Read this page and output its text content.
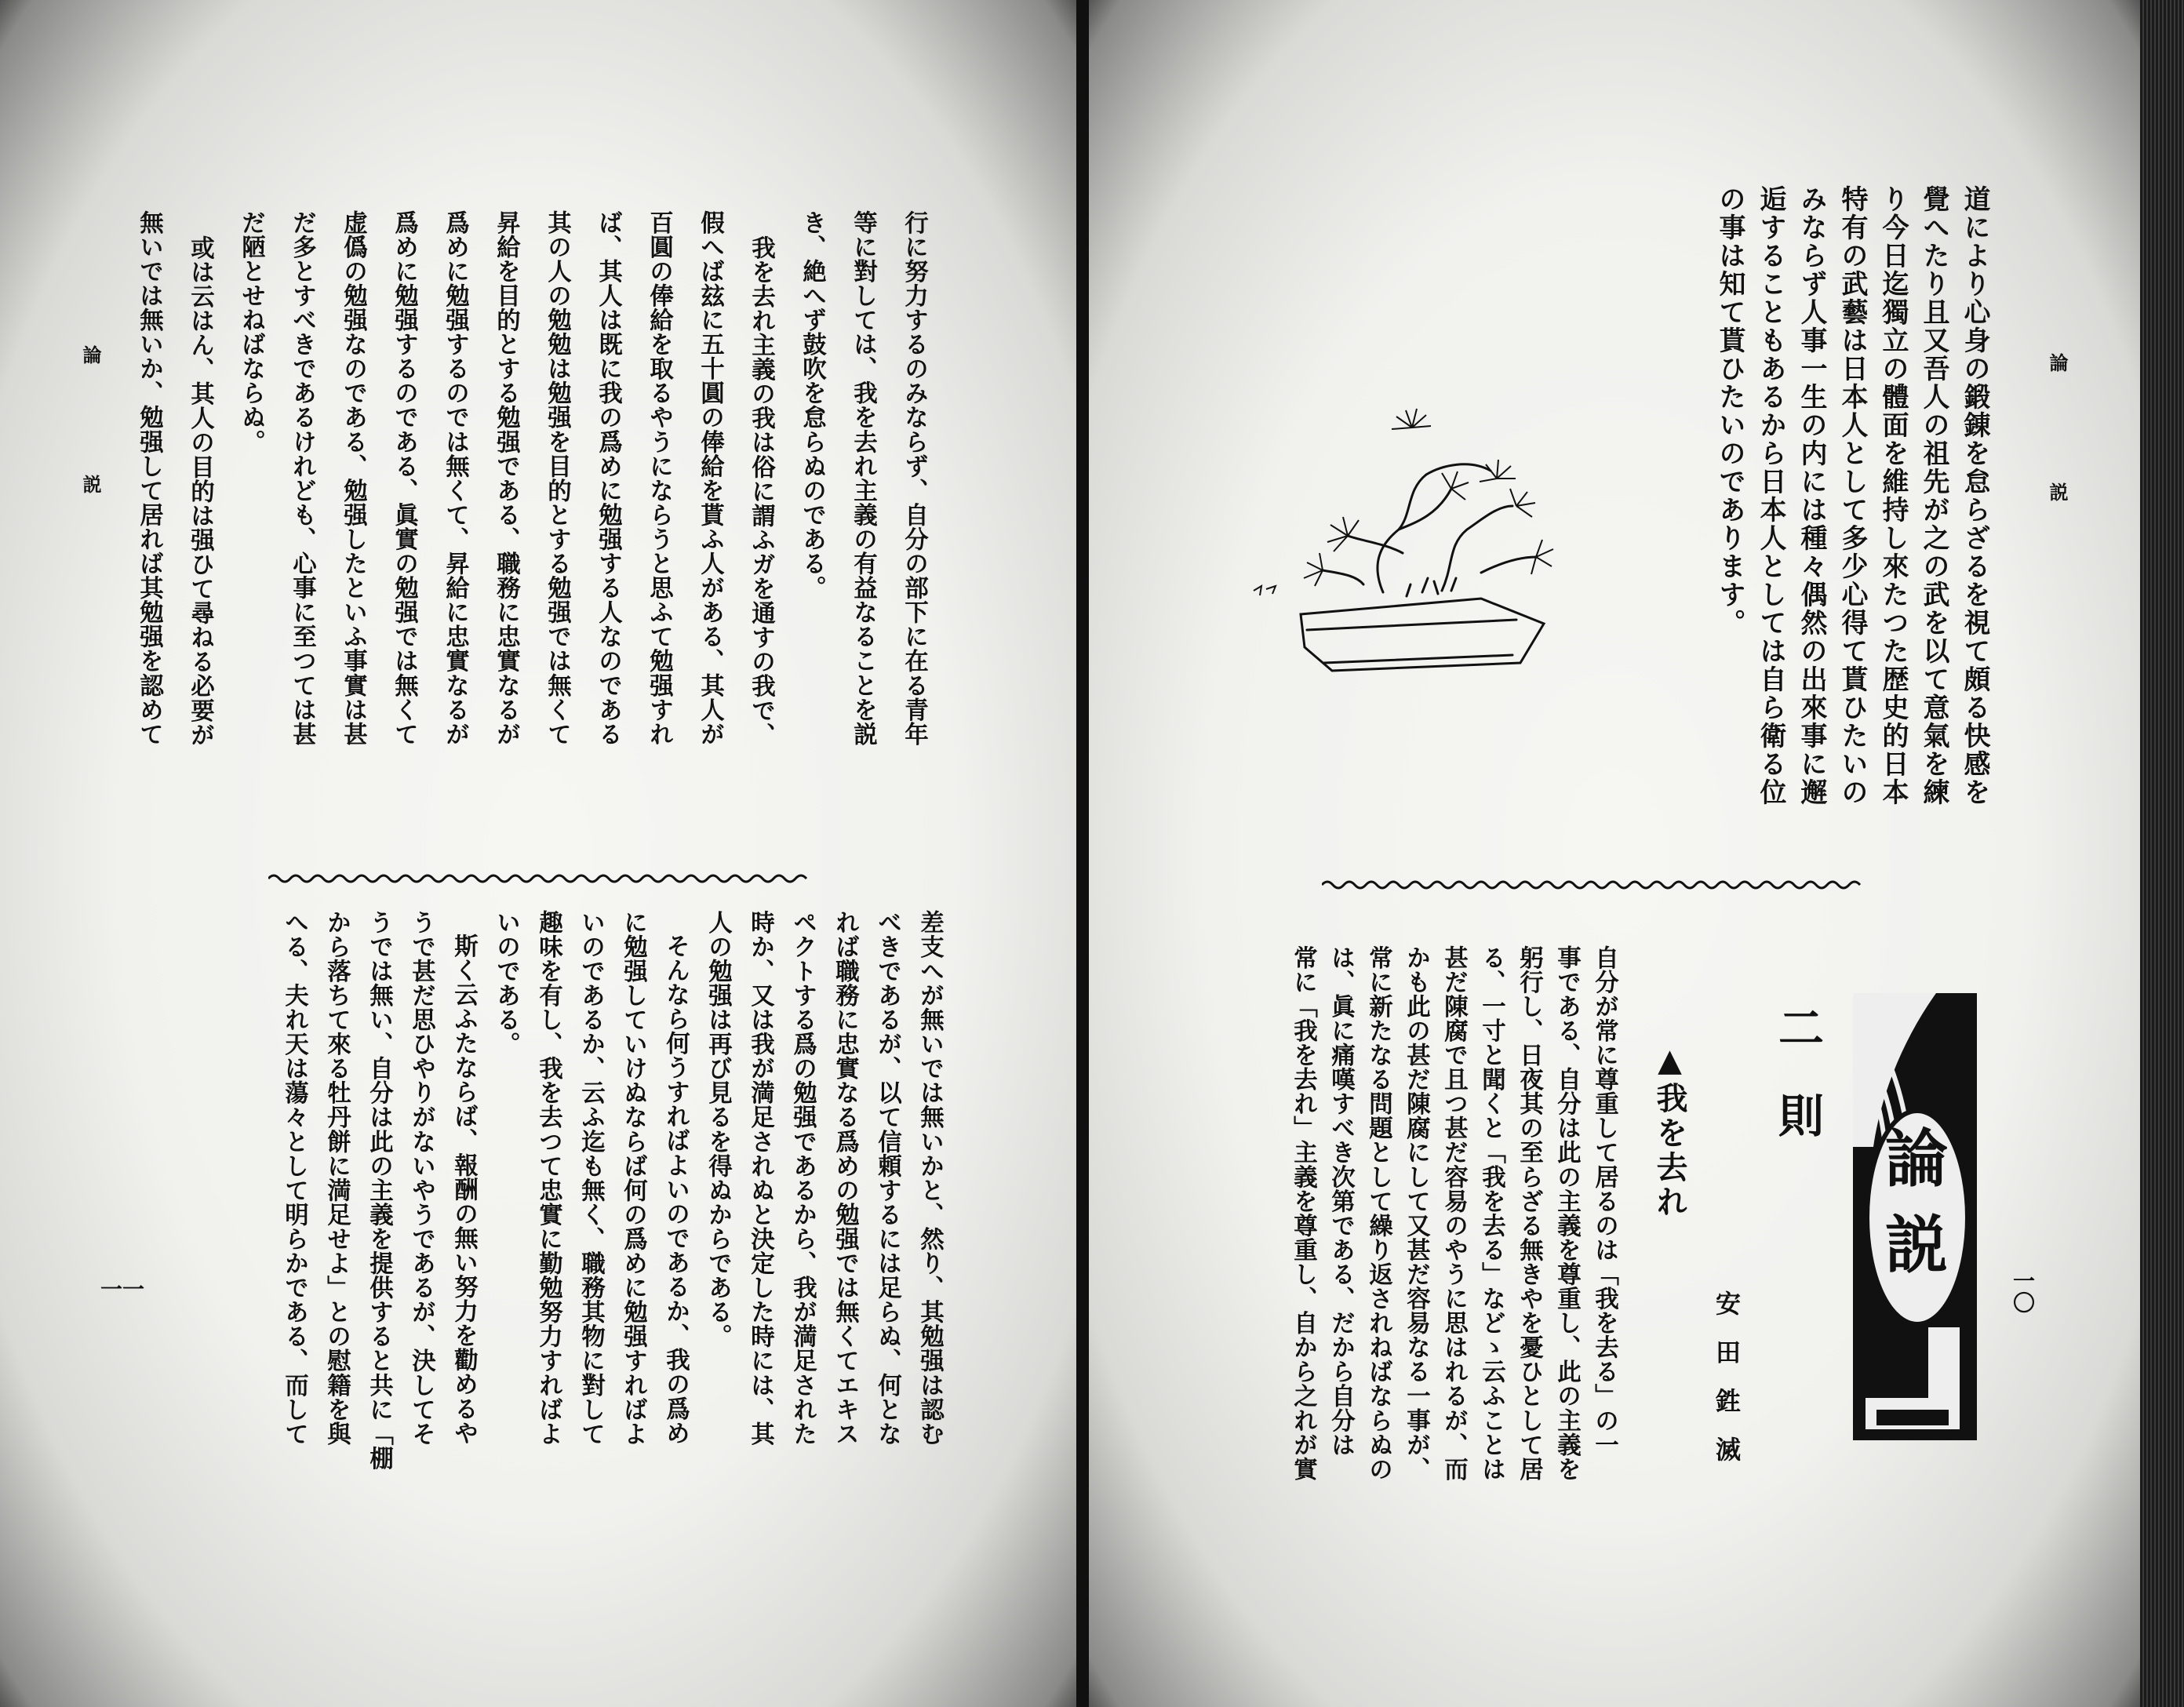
論 説	論 説
一一	一〇
論
説
二則
▲我を去れ
安田鉎滅
道により心身の鍛錬を怠らざるを視て頗る快感を
覺へたり且又吾人の祖先が之の武を以て意氣を練
り今日迄獨立の體面を維持し來たつた歴史的日本
特有の武藝は日本人として多少心得て貰ひたいの
みならず人事一生の内には種々偶然の出來事に邂
逅することもあるから日本人としては自ら衛る位
の事は知て貰ひたいのであります。
自分が常に尊重して居るのは「我を去る」の一
事である、自分は此の主義を尊重し、此の主義を
躬行し、日夜其の至らざる無きやを憂ひとして居
る、一寸と聞くと「我を去る」などゝ云ふことは
甚だ陳腐で且つ甚だ容易のやうに思はれるが、而
かも此の甚だ陳腐にして又甚だ容易なる一事が、
常に新たなる問題として繰り返されねばならぬの
は、眞に痛嘆すべき次第である、だから自分は
常に「我を去れ」主義を尊重し、自から之れが實
行に努力するのみならず、自分の部下に在る青年
等に對しては、我を去れ主義の有益なることを説
き、絶へず鼓吹を怠らぬのである。
我を去れ主義の我は俗に謂ふガを通すの我で、
假へば玆に五十圓の俸給を貰ふ人がある、其人が
百圓の俸給を取るやうにならうと思ふて勉强すれ
ば、其人は既に我の爲めに勉强する人なのである
其の人の勉勉は勉强を目的とする勉强では無くて
昇給を目的とする勉强である、職務に忠實なるが
爲めに勉强するのでは無くて、昇給に忠實なるが
爲めに勉强するのである、眞實の勉强では無くて
虚僞の勉强なのである、勉强したといふ事實は甚
だ多とすべきであるけれども、心事に至つては甚
だ陋とせねばならぬ。
或は云はん、其人の目的は强ひて尋ねる必要が
無いでは無いか、勉强して居れば其勉强を認めて
差支へが無いでは無いかと、然り、其勉强は認む
べきであるが、以て信頼するには足らぬ、何とな
れば職務に忠實なる爲めの勉强では無くてエキス
ペクトする爲の勉强であるから、我が満足された
時か、又は我が満足されぬと決定した時には、其
人の勉强は再び見るを得ぬからである。
そんなら何うすればよいのであるか、我の爲め
に勉强していけぬならば何の爲めに勉强すればよ
いのであるか、云ふ迄も無く、職務其物に對して
趣味を有し、我を去つて忠實に勤勉努力すればよ
いのである。
斯く云ふたならば、報酬の無い努力を勸めるや
うで甚だ思ひやりがないやうであるが、決してそ
うでは無い、自分は此の主義を提供すると共に「棚
から落ちて來る牡丹餅に満足せよ」との慰籍を與
へる、夫れ天は蕩々として明らかである、而して
